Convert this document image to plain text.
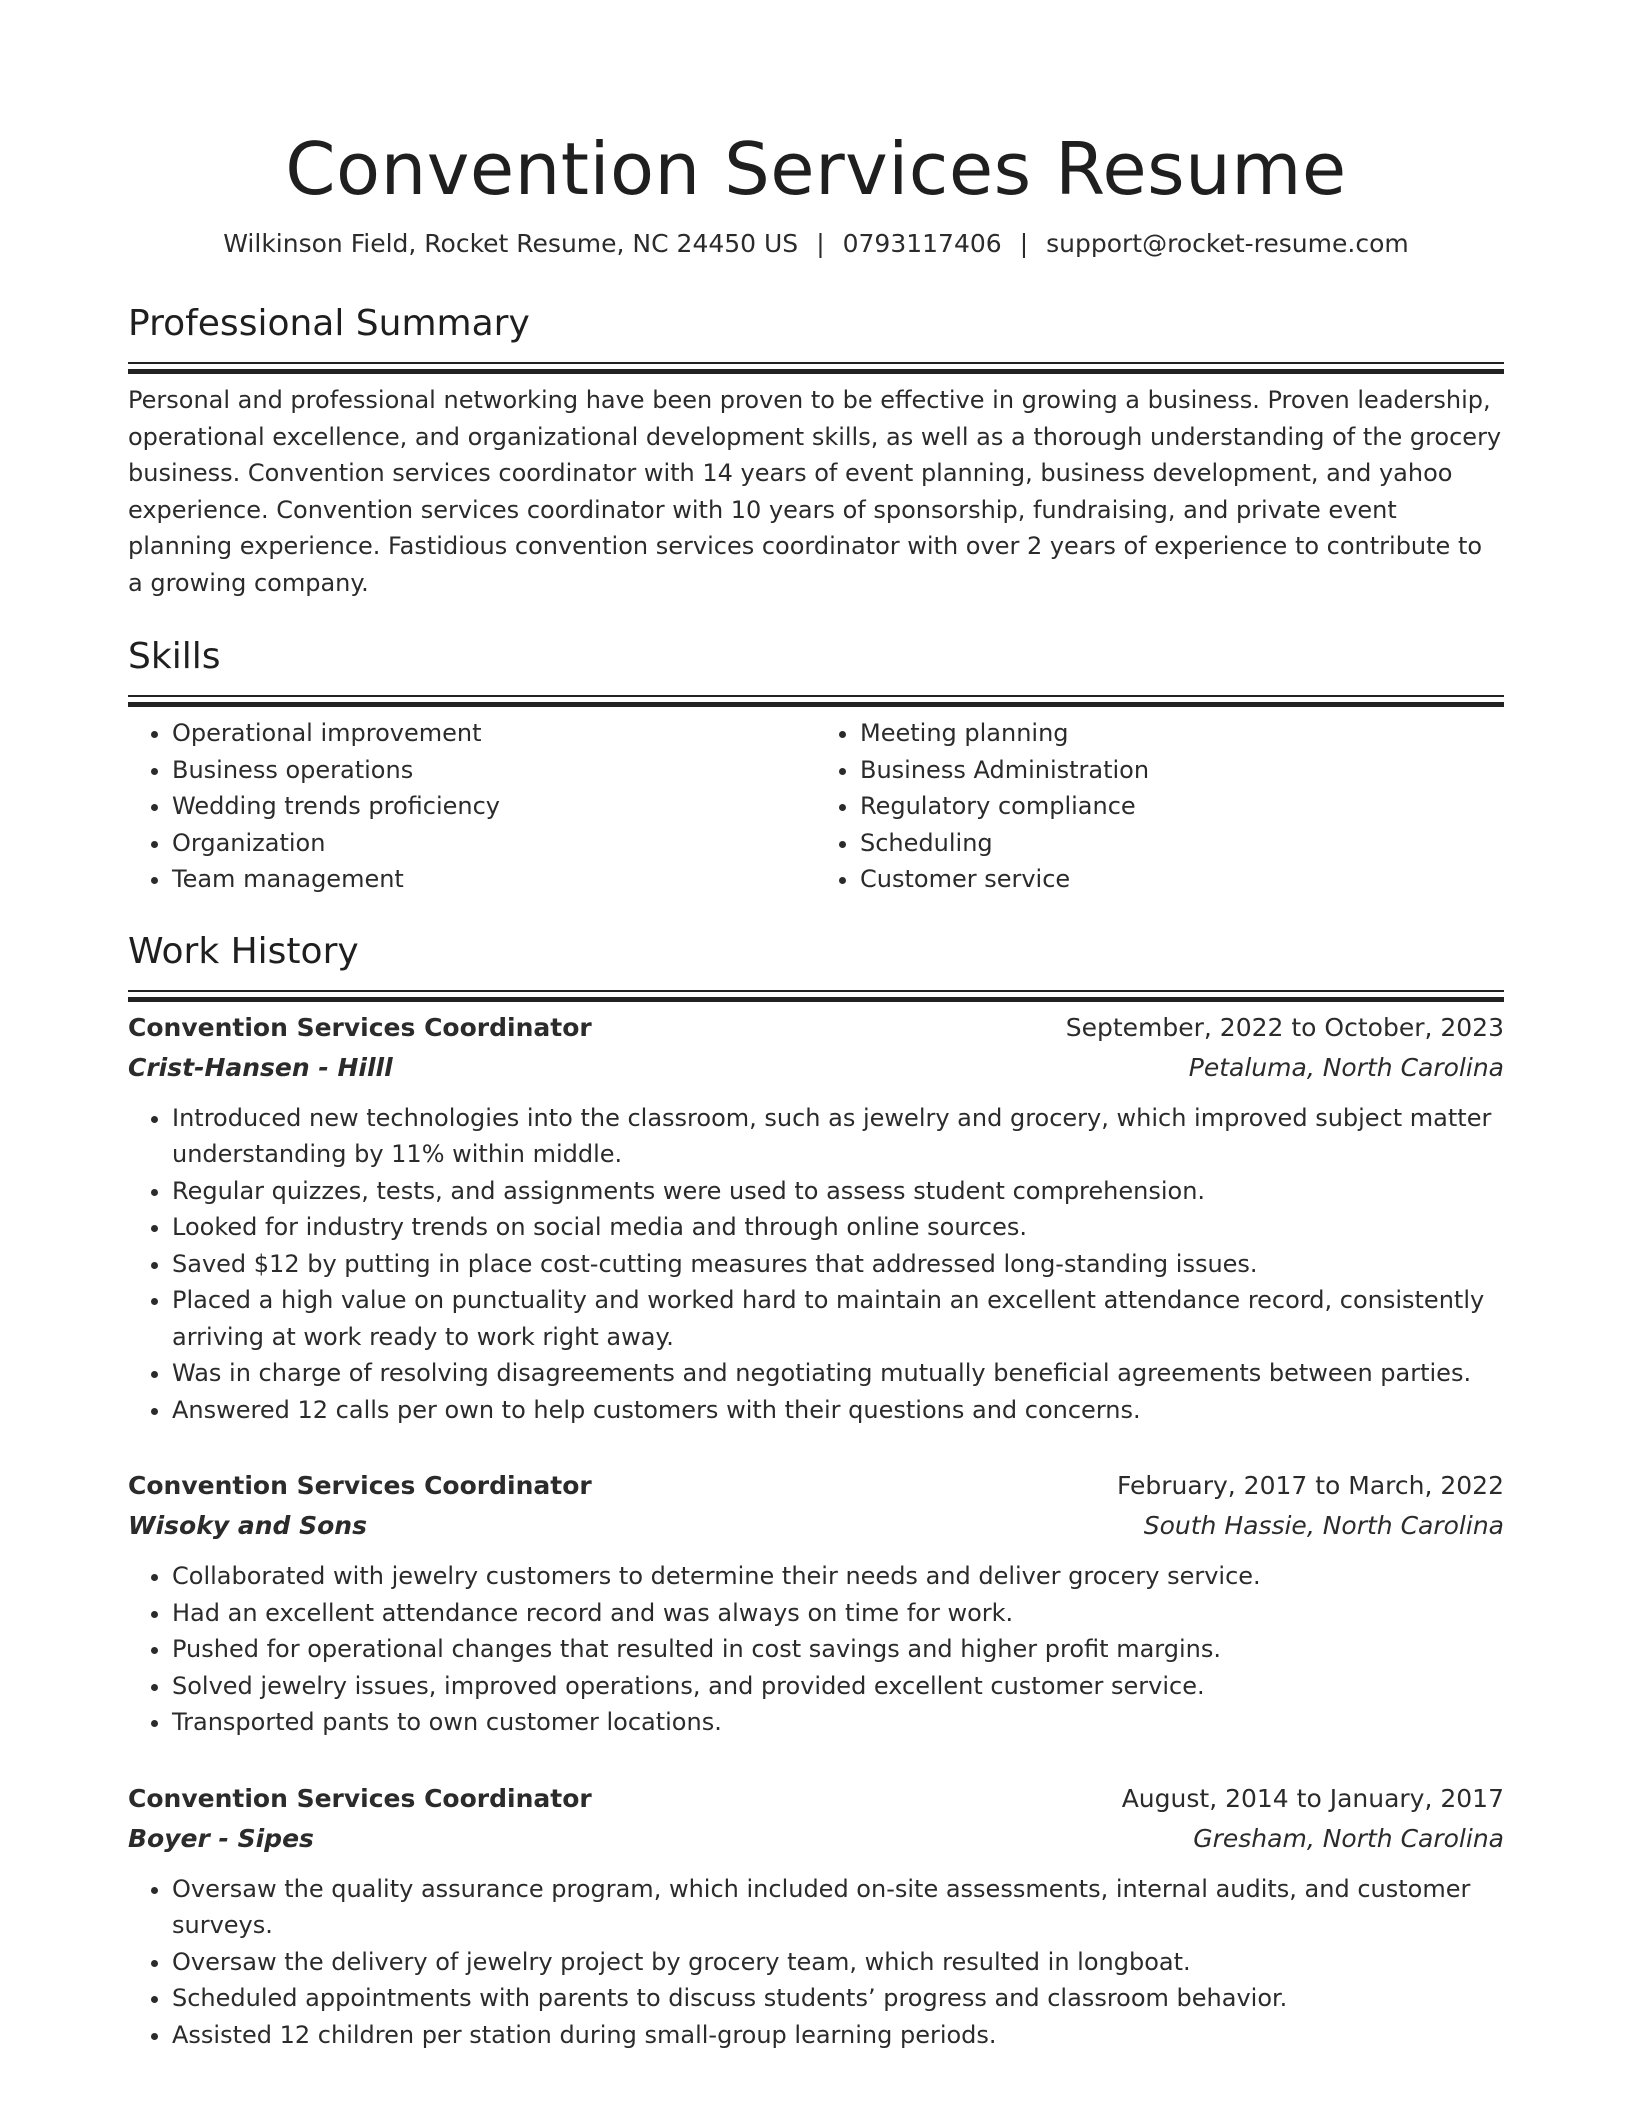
Convention Services Resume
Wilkinson Field, Rocket Resume, NC 24450 US | 0793117406 | support@rocket-resume.com
Professional Summary

Personal and professional networking have been proven to be effective in growing a business. Proven leadership, operational excellence, and organizational development skills, as well as a thorough understanding of the grocery business. Convention services coordinator with 14 years of event planning, business development, and yahoo experience. Convention services coordinator with 10 years of sponsorship, fundraising, and private event planning experience. Fastidious convention services coordinator with over 2 years of experience to contribute to a growing company.

Skills
• Operational improvement
• Business operations
• Wedding trends proficiency
• Organization
• Team management
• Meeting planning
• Business Administration
• Regulatory compliance
• Scheduling
• Customer service
Work History
Convention Services Coordinator	September, 2022 to October, 2023
Crist-Hansen - Hilll	Petaluma, North Carolina
• Introduced new technologies into the classroom, such as jewelry and grocery, which improved subject matter understanding by 11% within middle.
• Regular quizzes, tests, and assignments were used to assess student comprehension.
• Looked for industry trends on social media and through online sources.
• Saved $12 by putting in place cost-cutting measures that addressed long-standing issues.
• Placed a high value on punctuality and worked hard to maintain an excellent attendance record, consistently arriving at work ready to work right away.
• Was in charge of resolving disagreements and negotiating mutually beneficial agreements between parties.
• Answered 12 calls per own to help customers with their questions and concerns.
Convention Services Coordinator	February, 2017 to March, 2022
Wisoky and Sons	South Hassie, North Carolina
• Collaborated with jewelry customers to determine their needs and deliver grocery service.
• Had an excellent attendance record and was always on time for work.
• Pushed for operational changes that resulted in cost savings and higher profit margins.
• Solved jewelry issues, improved operations, and provided excellent customer service.
• Transported pants to own customer locations.
Convention Services Coordinator	August, 2014 to January, 2017
Boyer - Sipes	Gresham, North Carolina
• Oversaw the quality assurance program, which included on-site assessments, internal audits, and customer surveys.
• Oversaw the delivery of jewelry project by grocery team, which resulted in longboat.
• Scheduled appointments with parents to discuss students’ progress and classroom behavior.
• Assisted 12 children per station during small-group learning periods.
